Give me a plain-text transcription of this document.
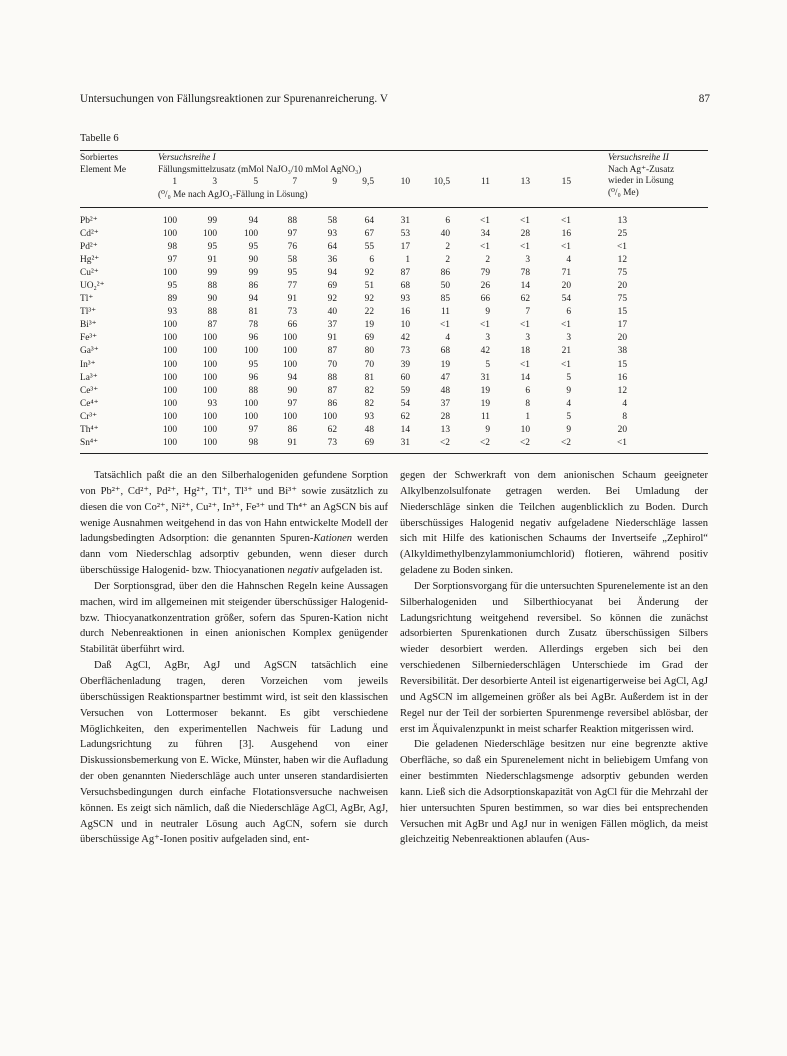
Untersuchungen von Fällungsreaktionen zur Spurenanreicherung. V	87
Tabelle 6
Sorbiertes
Element Me
Versuchsreihe I
Fällungsmittelzusatz (mMol NaJO₃/10 mMol AgNO₃)
Versuchsreihe II
Nach Ag⁺-Zusatz
wieder in Lösung
(⁰/₀ Me)
1	3	5	7	9	9,5	10	10,5	11	13	15
(⁰/₀ Me nach AgJO₃-Fällung in Lösung)
Pb²⁺	100	99	94	88	58	64	31	6	<1	<1	<1	13
Cd²⁺	100	100	100	97	93	67	53	40	34	28	16	25
Pd²⁺	98	95	95	76	64	55	17	2	<1	<1	<1	<1
Hg²⁺	97	91	90	58	36	6	1	2	2	3	4	12
Cu²⁺	100	99	99	95	94	92	87	86	79	78	71	75
UO₂²⁺	95	88	86	77	69	51	68	50	26	14	20	20
Tl⁺	89	90	94	91	92	92	93	85	66	62	54	75
Tl³⁺	93	88	81	73	40	22	16	11	9	7	6	15
Bi³⁺	100	87	78	66	37	19	10	<1	<1	<1	<1	17
Fe³⁺	100	100	96	100	91	69	42	4	3	3	3	20
Ga³⁺	100	100	100	100	87	80	73	68	42	18	21	38
In³⁺	100	100	95	100	70	70	39	19	5	<1	<1	15
La³⁺	100	100	96	94	88	81	60	47	31	14	5	16
Ce³⁺	100	100	88	90	87	82	59	48	19	6	9	12
Ce⁴⁺	100	93	100	97	86	82	54	37	19	8	4	4
Cr³⁺	100	100	100	100	100	93	62	28	11	1	5	8
Th⁴⁺	100	100	97	86	62	48	14	13	9	10	9	20
Sn⁴⁺	100	100	98	91	73	69	31	<2	<2	<2	<2	<1

Tatsächlich paßt die an den Silberhalogeniden gefundene Sorption von Pb²⁺, Cd²⁺, Pd²⁺, Hg²⁺, Tl⁺, Tl³⁺ und Bi³⁺ sowie zusätzlich zu diesen die von Co²⁺, Ni²⁺, Cu²⁺, In³⁺, Fe³⁺ und Th⁴⁺ an AgSCN bis auf wenige Ausnahmen weitgehend in das von Hahn entwickelte Modell der ladungsbedingten Adsorption: die genannten Spuren-Kationen werden dann vom Niederschlag adsorptiv gebunden, wenn dieser durch überschüssige Halogenid- bzw. Thiocyanationen negativ aufgeladen ist.

Der Sorptionsgrad, über den die Hahnschen Regeln keine Aussagen machen, wird im allgemeinen mit steigender überschüssiger Halogenid- bzw. Thiocyanatkonzentration größer, sofern das Spuren-Kation nicht durch Nebenreaktionen in einen anionischen Komplex genügender Stabilität überführt wird.

Daß AgCl, AgBr, AgJ und AgSCN tatsächlich eine Oberflächenladung tragen, deren Vorzeichen vom jeweils überschüssigen Reaktionspartner bestimmt wird, ist seit den klassischen Versuchen von Lottermoser bekannt. Es gibt verschiedene Möglichkeiten, den experimentellen Nachweis für Ladung und Ladungsrichtung zu führen [3]. Ausgehend von einer Diskussionsbemerkung von E. Wicke, Münster, haben wir die Aufladung der oben genannten Niederschläge auch unter unseren standardisierten Versuchsbedingungen durch einfache Flotationsversuche nachweisen können. Es zeigt sich nämlich, daß die Niederschläge AgCl, AgBr, AgJ, AgSCN und in neutraler Lösung auch AgCN, sofern sie durch überschüssige Ag⁺-Ionen positiv aufgeladen sind, ent-

gegen der Schwerkraft von dem anionischen Schaum geeigneter Alkylbenzolsulfonate getragen werden. Bei Umladung der Niederschläge sinken die Teilchen augenblicklich zu Boden. Durch überschüssiges Halogenid negativ aufgeladene Niederschläge lassen sich mit Hilfe des kationischen Schaums der Invertseife „Zephirol“ (Alkyldimethylbenzylammoniumchlorid) flotieren, während positiv geladene zu Boden sinken.

Der Sorptionsvorgang für die untersuchten Spurenelemente ist an den Silberhalogeniden und Silberthiocyanat bei Änderung der Ladungsrichtung weitgehend reversibel. So können die zunächst adsorbierten Spurenkationen durch Zusatz überschüssigen Silbers wieder desorbiert werden. Allerdings ergeben sich bei den verschiedenen Silberniederschlägen Unterschiede im Grad der Reversibilität. Der desorbierte Anteil ist eigenartigerweise bei AgCl, AgJ und AgSCN im allgemeinen größer als bei AgBr. Außerdem ist in der Regel nur der Teil der sorbierten Spurenmenge reversibel ablösbar, der erst im Äquivalenzpunkt in meist scharfer Reaktion mitgerissen wird.

Die geladenen Niederschläge besitzen nur eine begrenzte aktive Oberfläche, so daß ein Spurenelement nicht in beliebigem Umfang von einer bestimmten Niederschlagsmenge adsorptiv gebunden werden kann. Ließ sich die Adsorptionskapazität von AgCl für die Mehrzahl der hier untersuchten Spuren bestimmen, so war dies bei entsprechenden Versuchen mit AgBr und AgJ nur in wenigen Fällen möglich, da meist gleichzeitig Nebenreaktionen ablaufen (Aus-
